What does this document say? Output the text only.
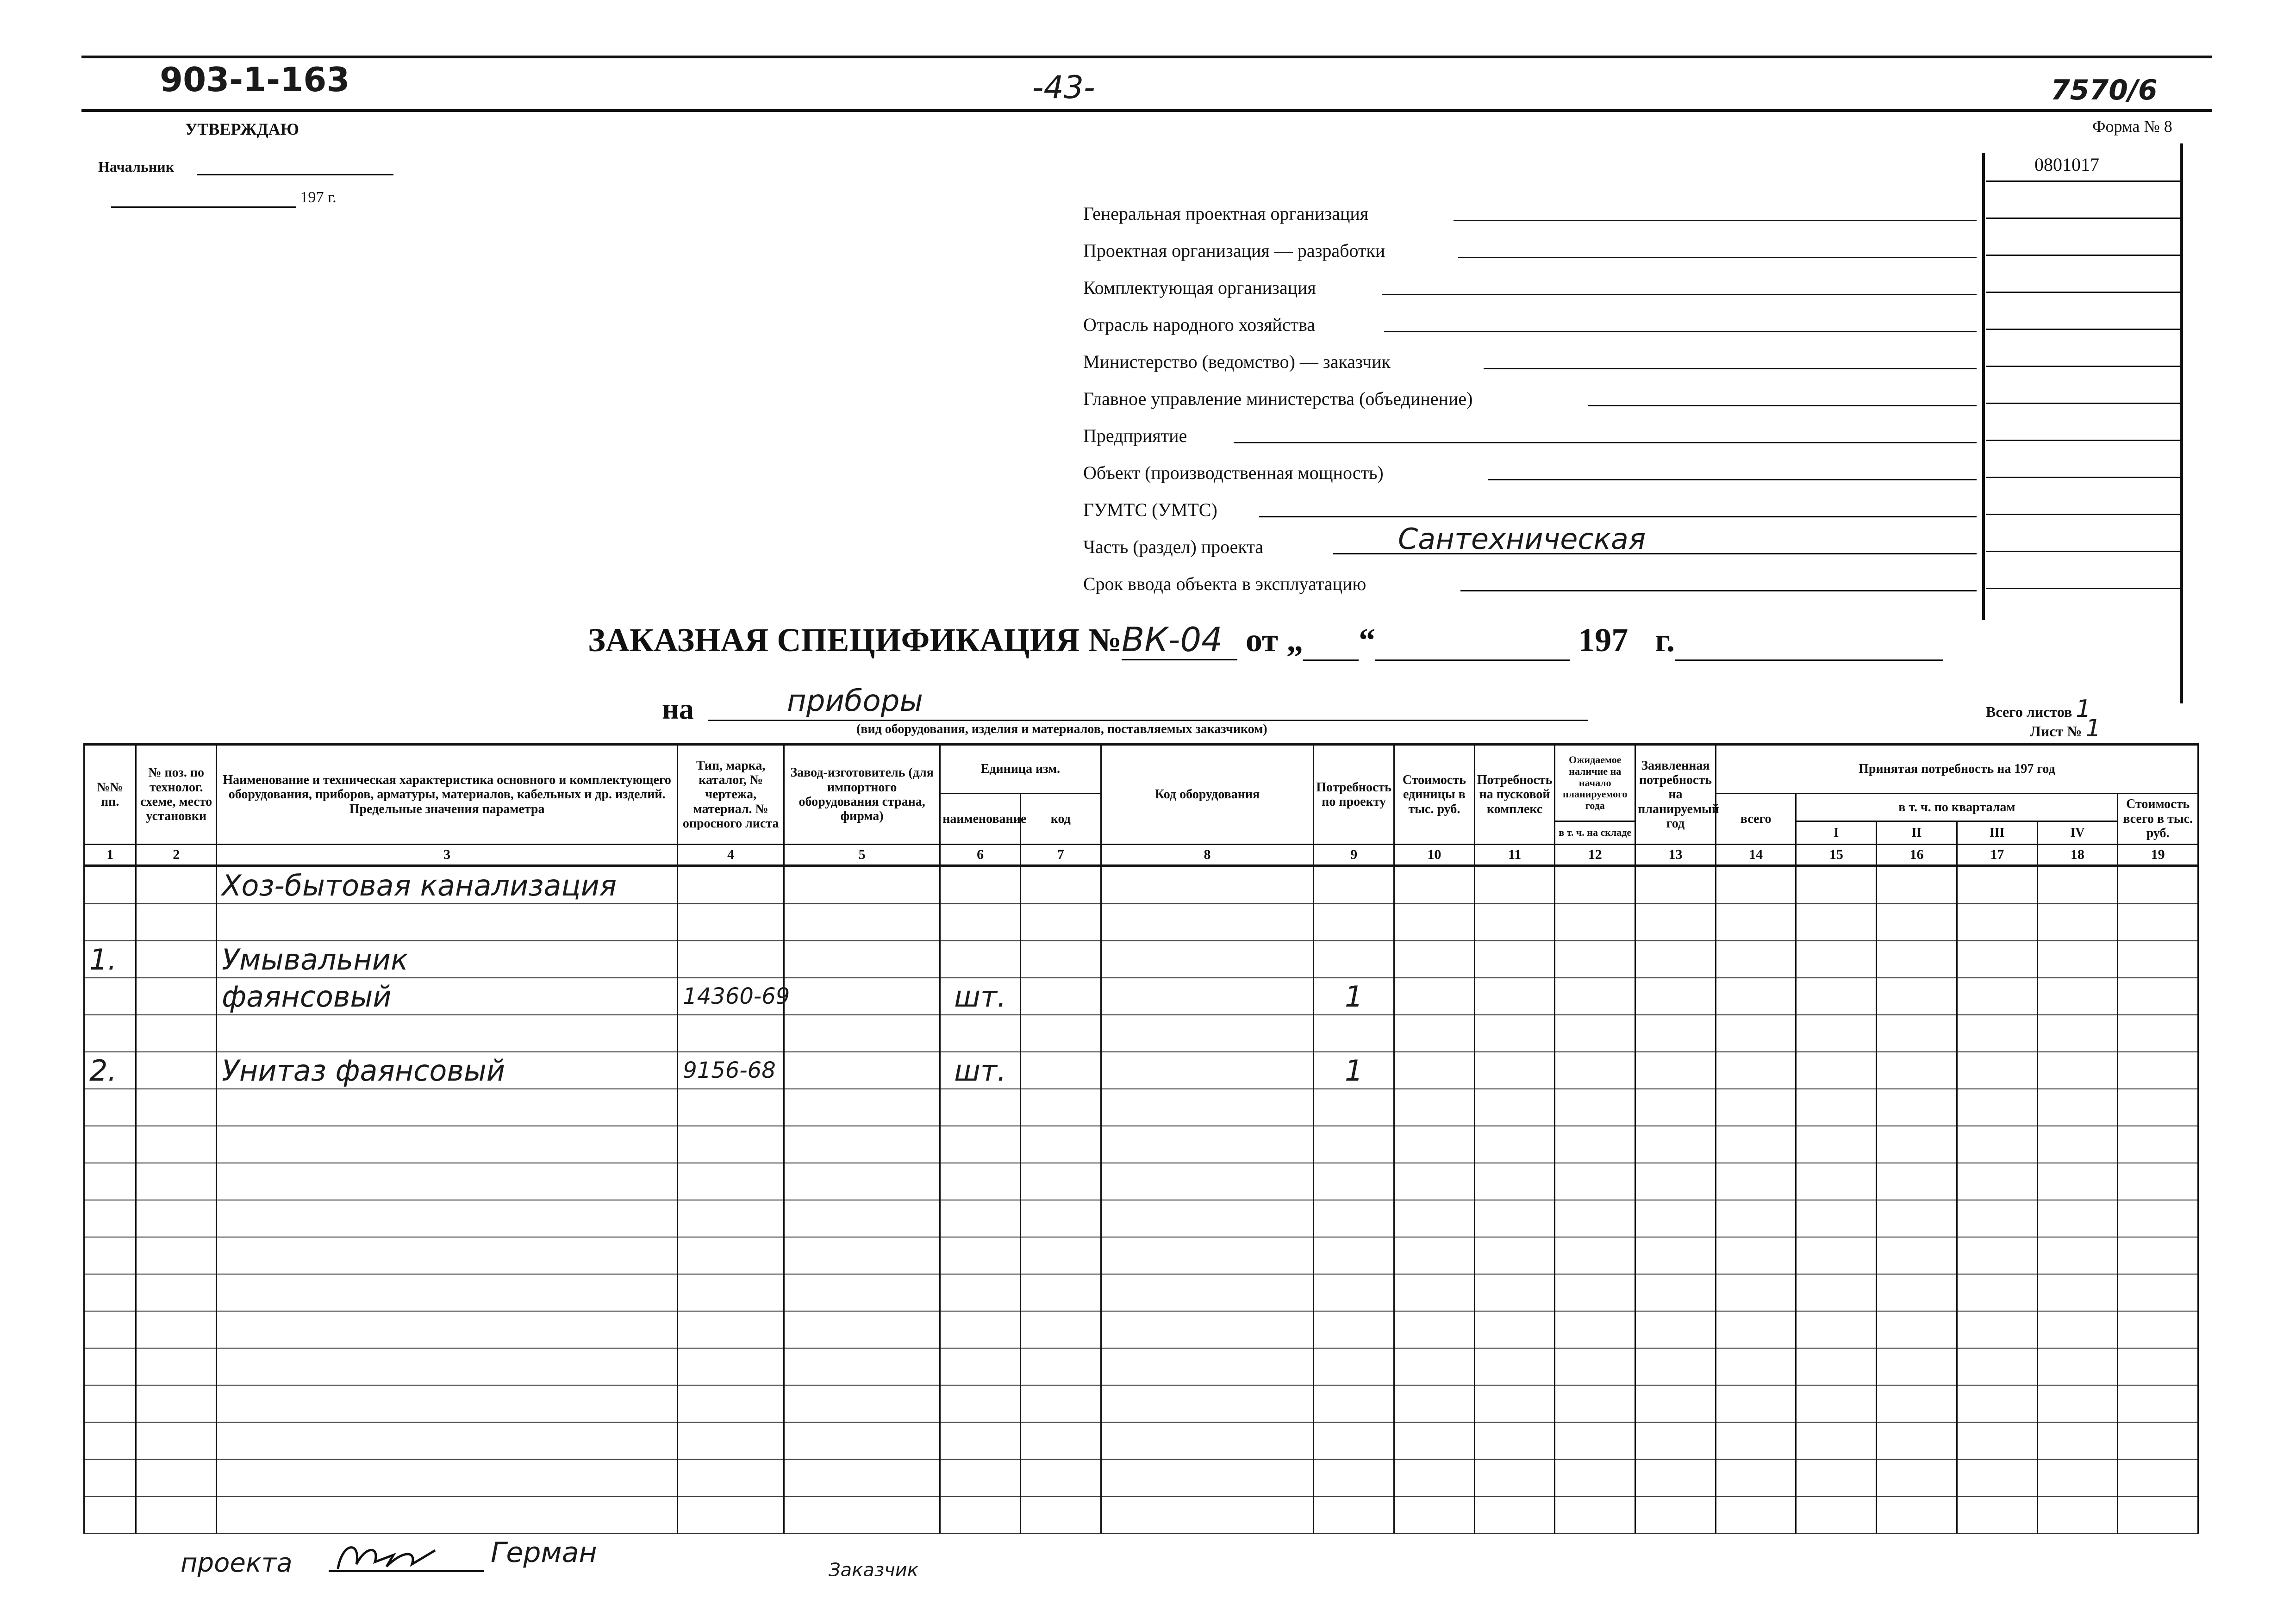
903-1-163	-43-	7570/6
УТВЕРЖДАЮ
Начальник
197 г.
Форма № 8
0801017
Генеральная проектная организация
Проектная организация — разработки
Комплектующая организация
Отрасль народного хозяйства
Министерство (ведомство) — заказчик
Главное управление министерства (объединение)
Предприятие
Объект (производственная мощность)
ГУМТС (УМТС)
Часть (раздел) проекта	Сантехническая
Срок ввода объекта в эксплуатацию
ЗАКАЗНАЯ СПЕЦИФИКАЦИЯ №ВК-04 от „ “	197 г.
на	приборы
(вид оборудования, изделия и материалов, поставляемых заказчиком)
Всего листов 1
Лист № 1
№№ пп.	№ поз. по технолог. схеме, место установки	Наименование и техническая характеристика основного и комплектующего оборудования, приборов, арматуры, материалов, кабельных и др. изделий. Предельные значения параметра	Тип, марка, каталог, № чертежа, материал. № опросного листа	Завод-изготовитель (для импортного оборудования страна, фирма)	Единица изм.		Код оборудования	Потребность по проекту	Стоимость единицы в тыс. руб.	Потребность на пусковой комплекс	Ожидаемое наличие на начало планируемого года	Заявленная потребность на планируемый год	Принятая потребность на 197 год					
					наименование	код							всего	в т. ч. по кварталам				Стоимость всего в тыс. руб.
											в т. ч. на складе			I	II	III	IV	
1	2	3	4	5	6	7	8	9	10	11	12	13	14	15	16	17	18	19
		Хоз-бытовая канализация																

1.		Умывальник																
		фаянсовый	14360-69		шт.			1										

2.		Унитаз фаянсовый	9156-68		шт.			1										

проекта	Герман
Заказчик
